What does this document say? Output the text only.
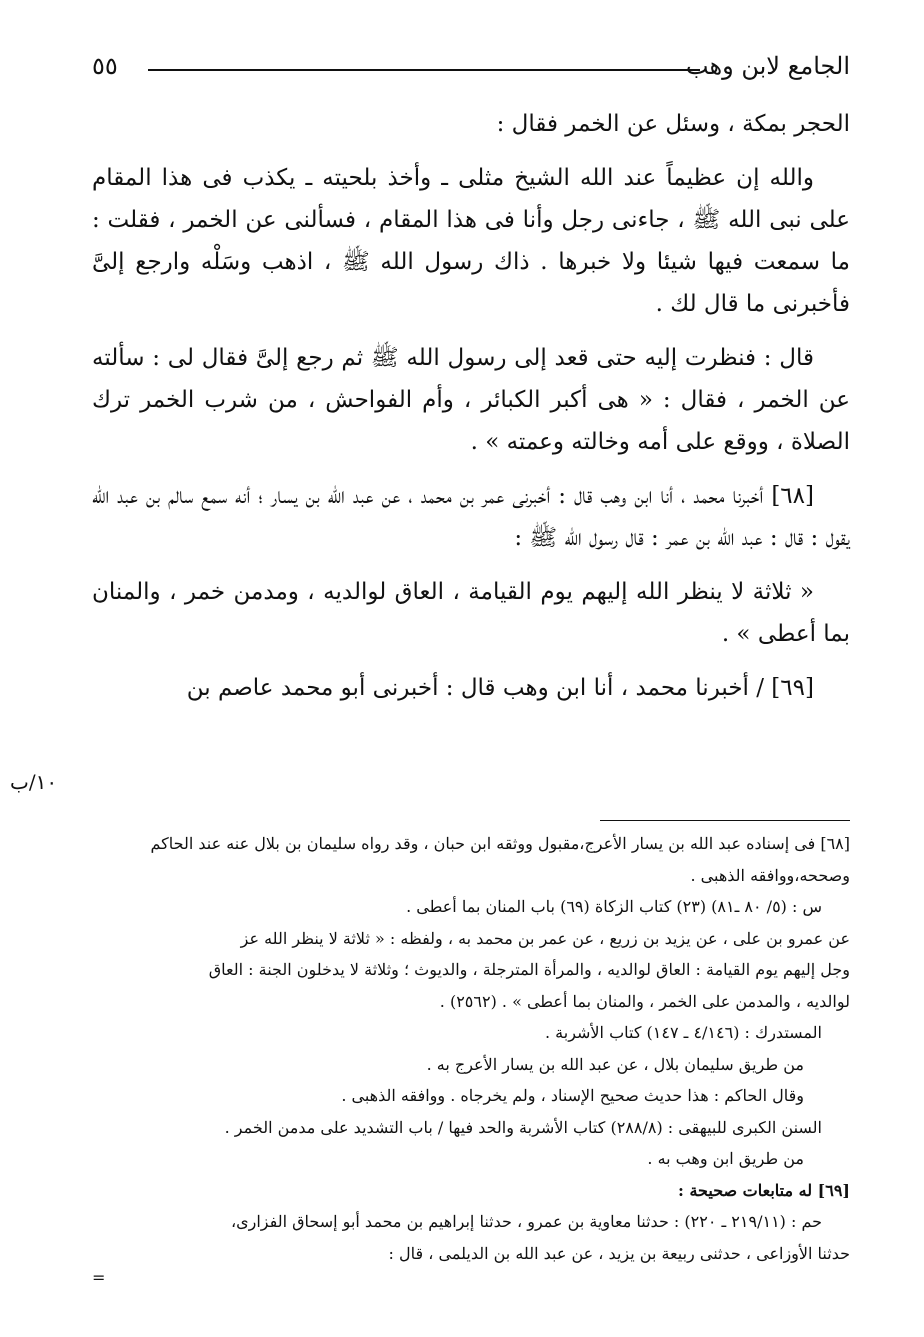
الجامع لابن وهب
٥٥

الحجر بمكة ، وسئل عن الخمر فقال :

والله إن عظيماً عند الله الشيخ مثلى ـ وأخذ بلحيته ـ يكذب فى هذا المقام على نبى الله ﷺ ، جاءنى رجل وأنا فى هذا المقام ، فسألنى عن الخمر ، فقلت : ما سمعت فيها شيئا ولا خبرها . ذاك رسول الله ﷺ ، اذهب وسَلْه وارجع إلىَّ فأخبرنى ما قال لك .

قال : فنظرت إليه حتى قعد إلى رسول الله ﷺ ثم رجع إلىَّ فقال لى : سألته عن الخمر ، فقال : « هى أكبر الكبائر ، وأم الفواحش ، من شرب الخمر ترك الصلاة ، ووقع على أمه وخالته وعمته » .

[٦٨] أخبرنا محمد ، أنا ابن وهب قال : أخبرنى عمر بن محمد ، عن عبد الله بن يسار ؛ أنه سمع سالم بن عبد الله يقول : قال : عبد الله بن عمر : قال رسول الله ﷺ :

« ثلاثة لا ينظر الله إليهم يوم القيامة ، العاق لوالديه ، ومدمن خمر ، والمنان بما أعطى » .

[٦٩] / أخبرنا محمد ، أنا ابن وهب قال : أخبرنى أبو محمد عاصم بن

١٠/ب
[٦٨] فى إسناده عبد الله بن يسار الأعرج،مقبول ووثقه ابن حبان ، وقد رواه سليمان بن بلال عنه عند الحاكم
وصححه،ووافقه الذهبى .
س : (٥/ ٨٠ ـ٨١) (٢٣) كتاب الزكاة (٦٩) باب المنان بما أعطى .
عن عمرو بن على ، عن يزيد بن زريع ، عن عمر بن محمد به ، ولفظه : « ثلاثة لا ينظر الله عز
وجل إليهم يوم القيامة : العاق لوالديه ، والمرأة المترجلة ، والديوث ؛ وثلاثة لا يدخلون الجنة : العاق
لوالديه ، والمدمن على الخمر ، والمنان بما أعطى » . (٢٥٦٢) .
المستدرك : (٤/١٤٦ ـ ١٤٧) كتاب الأشربة .
من طريق سليمان بلال ، عن عبد الله بن يسار الأعرج به .
وقال الحاكم : هذا حديث صحيح الإسناد ، ولم يخرجاه . ووافقه الذهبى .
السنن الكبرى للبيهقى : (٢٨٨/٨) كتاب الأشربة والحد فيها / باب التشديد على مدمن الخمر .
من طريق ابن وهب به .
[٦٩] له متابعات صحيحة :
حم : (٢١٩/١١ ـ ٢٢٠) : حدثنا معاوية بن عمرو ، حدثنا إبراهيم بن محمد أبو إسحاق الفزارى،
حدثنا الأوزاعى ، حدثنى ربيعة بن يزيد ، عن عبد الله بن الديلمى ، قال :
=
